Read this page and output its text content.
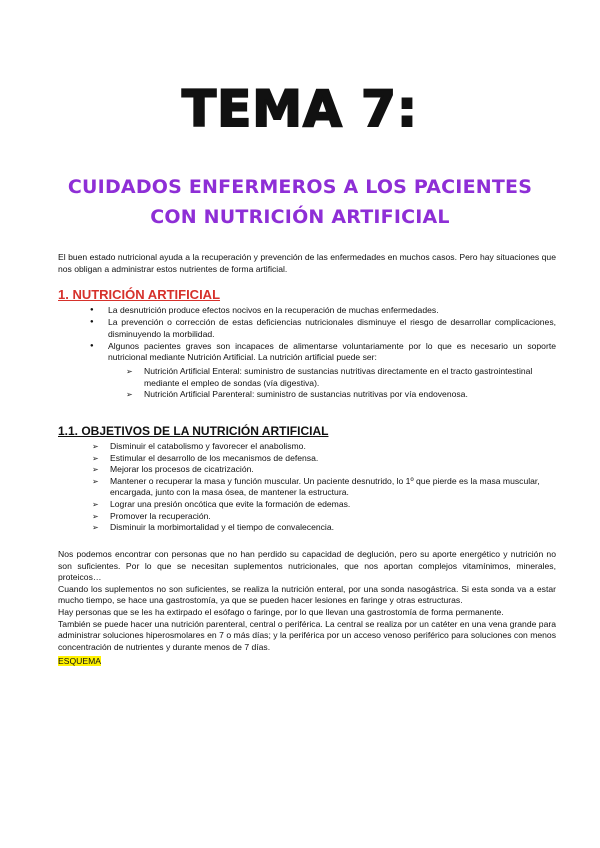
TEMA 7:
CUIDADOS ENFERMEROS A LOS PACIENTES
CON NUTRICIÓN ARTIFICIAL

El buen estado nutricional ayuda a la recuperación y prevención de las enfermedades en muchos casos. Pero hay situaciones que nos obligan a administrar estos nutrientes de forma artificial.

1. NUTRICIÓN ARTIFICIAL
● La desnutrición produce efectos nocivos en la recuperación de muchas enfermedades.
● La prevención o corrección de estas deficiencias nutricionales disminuye el riesgo de desarrollar complicaciones, disminuyendo la morbilidad.
● Algunos pacientes graves son incapaces de alimentarse voluntariamente por lo que es necesario un soporte nutricional mediante Nutrición Artificial. La nutrición artificial puede ser:
➢ Nutrición Artificial Enteral: suministro de sustancias nutritivas directamente en el tracto gastrointestinal mediante el empleo de sondas (vía digestiva).
➢ Nutrición Artificial Parenteral: suministro de sustancias nutritivas por vía endovenosa.
1.1. OBJETIVOS DE LA NUTRICIÓN ARTIFICIAL
➢ Disminuir el catabolismo y favorecer el anabolismo.
➢ Estimular el desarrollo de los mecanismos de defensa.
➢ Mejorar los procesos de cicatrización.
➢ Mantener o recuperar la masa y función muscular. Un paciente desnutrido, lo 1º que pierde es la masa muscular, encargada, junto con la masa ósea, de mantener la estructura.
➢ Lograr una presión oncótica que evite la formación de edemas.
➢ Promover la recuperación.
➢ Disminuir la morbimortalidad y el tiempo de convalecencia.

Nos podemos encontrar con personas que no han perdido su capacidad de deglución, pero su aporte energético y nutrición no son suficientes. Por lo que se necesitan suplementos nutricionales, que nos aportan complejos vitamínimos, minerales, proteicos…

Cuando los suplementos no son suficientes, se realiza la nutrición enteral, por una sonda nasogástrica. Si esta sonda va a estar mucho tiempo, se hace una gastrostomía, ya que se pueden hacer lesiones en faringe y otras estructuras.

Hay personas que se les ha extirpado el esófago o faringe, por lo que llevan una gastrostomía de forma permanente.

También se puede hacer una nutrición parenteral, central o periférica. La central se realiza por un catéter en una vena grande para administrar soluciones hiperosmolares en 7 o más días; y la periférica por un acceso venoso periférico para soluciones con menos concentración de nutrientes y durante menos de 7 días.

ESQUEMA
